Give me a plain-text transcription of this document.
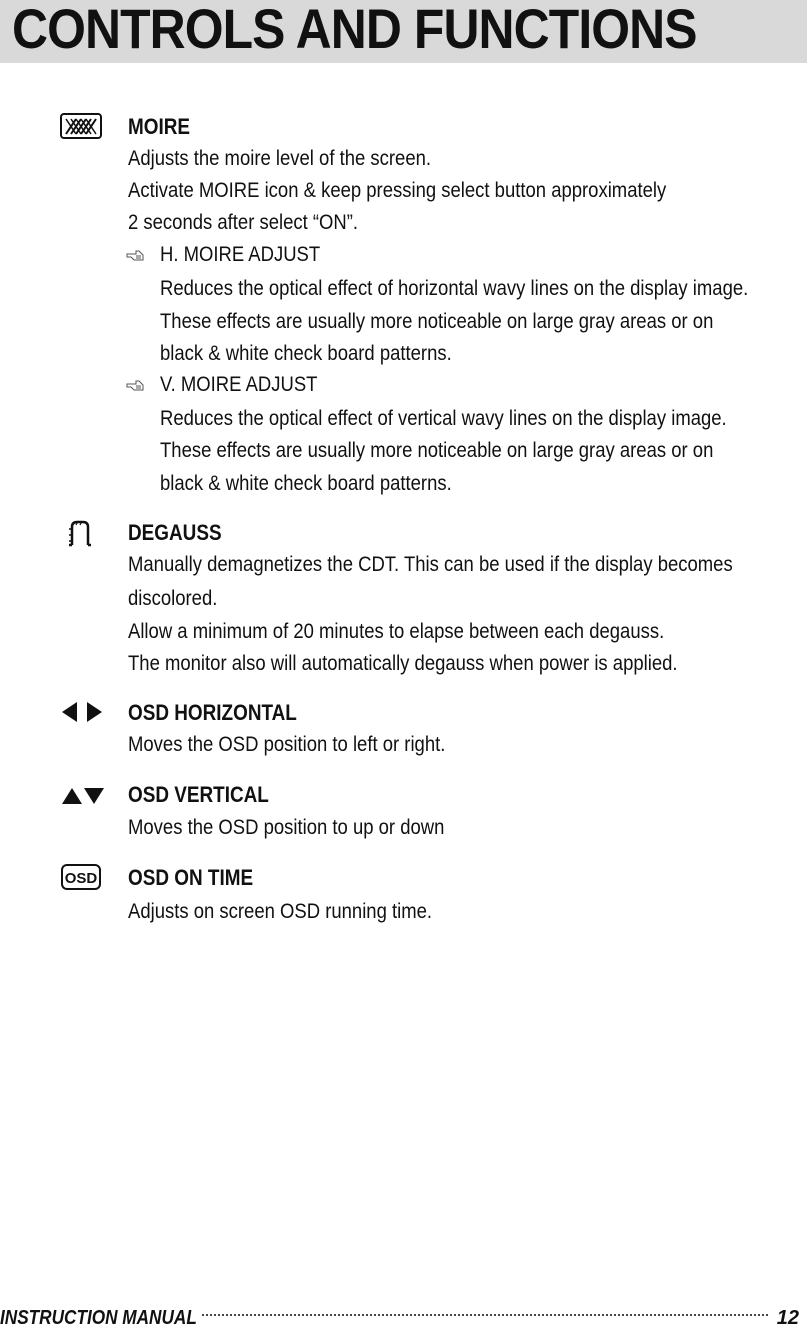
CONTROLS AND FUNCTIONS
MOIRE
Adjusts the moire level of the screen.
Activate MOIRE icon & keep pressing select button approximately
2 seconds after select “ON”.
H. MOIRE ADJUST
Reduces the optical effect of horizontal wavy lines on the display image.
These effects are usually more noticeable on large gray areas or on
black & white check board patterns.
V. MOIRE ADJUST
Reduces the optical effect of vertical wavy lines on the display image.
These effects are usually more noticeable on large gray areas or on
black & white check board patterns.
DEGAUSS
Manually demagnetizes the CDT. This can be used if the display becomes
discolored.
Allow a minimum of 20 minutes to elapse between each degauss.
The monitor also will automatically degauss when power is applied.
OSD HORIZONTAL
Moves the OSD position to left or right.
OSD VERTICAL
Moves the OSD position to up or down
OSD OSD ON TIME
Adjusts on screen OSD running time.
INSTRUCTION MANUAL	12
